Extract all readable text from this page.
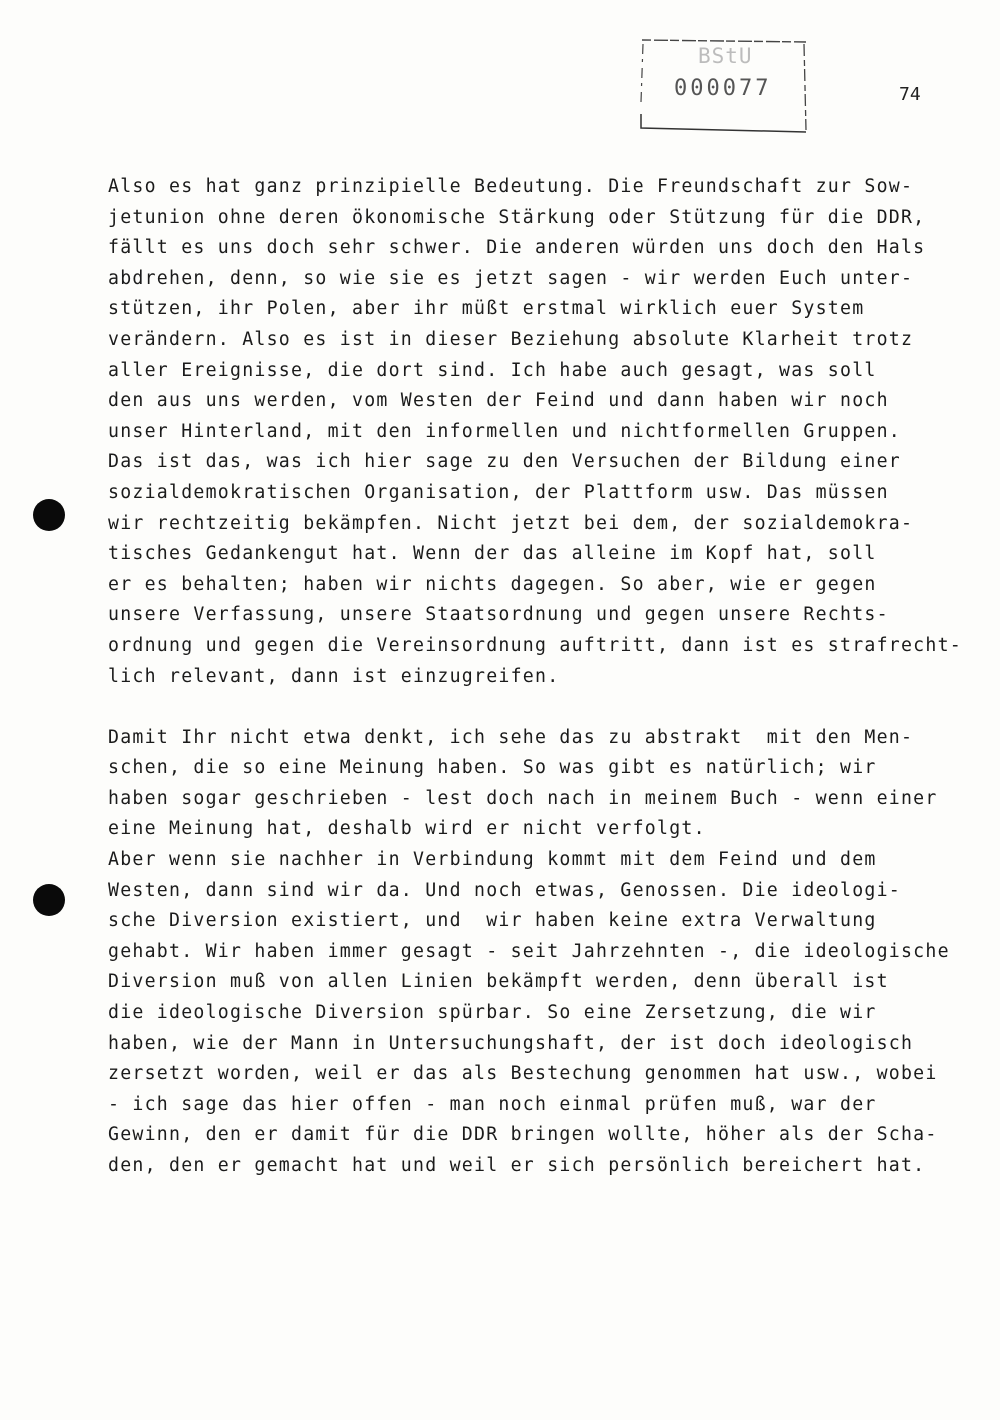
BStU
000077	74
Also es hat ganz prinzipielle Bedeutung. Die Freundschaft zur Sow-
jetunion ohne deren ökonomische Stärkung oder Stützung für die DDR,
fällt es uns doch sehr schwer. Die anderen würden uns doch den Hals
abdrehen, denn, so wie sie es jetzt sagen - wir werden Euch unter-
stützen, ihr Polen, aber ihr müßt erstmal wirklich euer System
verändern. Also es ist in dieser Beziehung absolute Klarheit trotz
aller Ereignisse, die dort sind. Ich habe auch gesagt, was soll
den aus uns werden, vom Westen der Feind und dann haben wir noch
unser Hinterland, mit den informellen und nichtformellen Gruppen.
Das ist das, was ich hier sage zu den Versuchen der Bildung einer
sozialdemokratischen Organisation, der Plattform usw. Das müssen
wir rechtzeitig bekämpfen. Nicht jetzt bei dem, der sozialdemokra-
tisches Gedankengut hat. Wenn der das alleine im Kopf hat, soll
er es behalten; haben wir nichts dagegen. So aber, wie er gegen
unsere Verfassung, unsere Staatsordnung und gegen unsere Rechts-
ordnung und gegen die Vereinsordnung auftritt, dann ist es strafrecht-
lich relevant, dann ist einzugreifen.
Damit Ihr nicht etwa denkt, ich sehe das zu abstrakt  mit den Men-
schen, die so eine Meinung haben. So was gibt es natürlich; wir
haben sogar geschrieben - lest doch nach in meinem Buch - wenn einer
eine Meinung hat, deshalb wird er nicht verfolgt.
Aber wenn sie nachher in Verbindung kommt mit dem Feind und dem
Westen, dann sind wir da. Und noch etwas, Genossen. Die ideologi-
sche Diversion existiert, und  wir haben keine extra Verwaltung
gehabt. Wir haben immer gesagt - seit Jahrzehnten -, die ideologische
Diversion muß von allen Linien bekämpft werden, denn überall ist
die ideologische Diversion spürbar. So eine Zersetzung, die wir
haben, wie der Mann in Untersuchungshaft, der ist doch ideologisch
zersetzt worden, weil er das als Bestechung genommen hat usw., wobei
- ich sage das hier offen - man noch einmal prüfen muß, war der
Gewinn, den er damit für die DDR bringen wollte, höher als der Scha-
den, den er gemacht hat und weil er sich persönlich bereichert hat.
